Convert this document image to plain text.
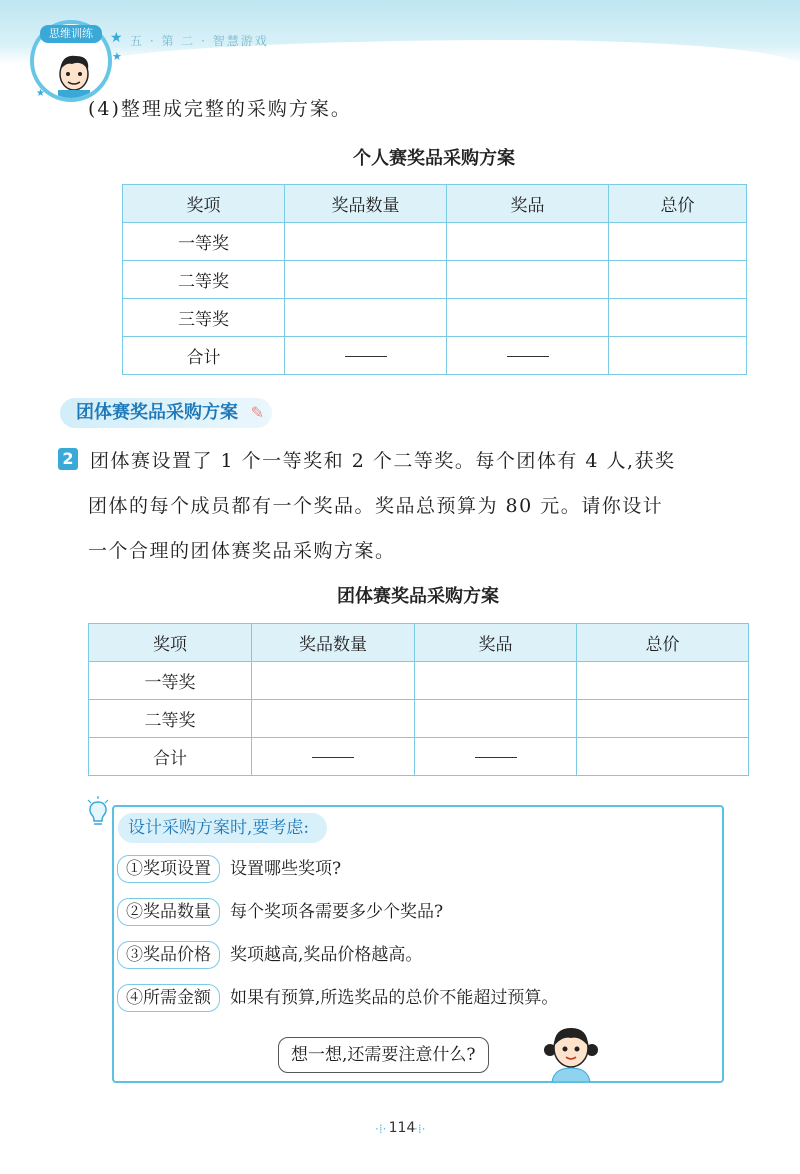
五 · 第 二 · 智慧游戏
思维训练	★
★
★
(4)整理成完整的采购方案。
个人赛奖品采购方案
奖项	奖品数量	奖品	总价
一等奖			
二等奖			
三等奖			
合计			
团体赛奖品采购方案 ✎
2 团体赛设置了 1 个一等奖和 2 个二等奖。每个团体有 4 人,获奖
团体的每个成员都有一个奖品。奖品总预算为 80 元。请你设计
一个合理的团体赛奖品采购方案。
团体赛奖品采购方案
奖项	奖品数量	奖品	总价
一等奖			
二等奖			
合计			
设计采购方案时,要考虑:
①奖项设置 设置哪些奖项?
②奖品数量 每个奖项各需要多少个奖品?
③奖品价格 奖项越高,奖品价格越高。
④所需金额 如果有预算,所选奖品的总价不能超过预算。
想一想,还需要注意什么?
·⁞· 114
·⁞·
